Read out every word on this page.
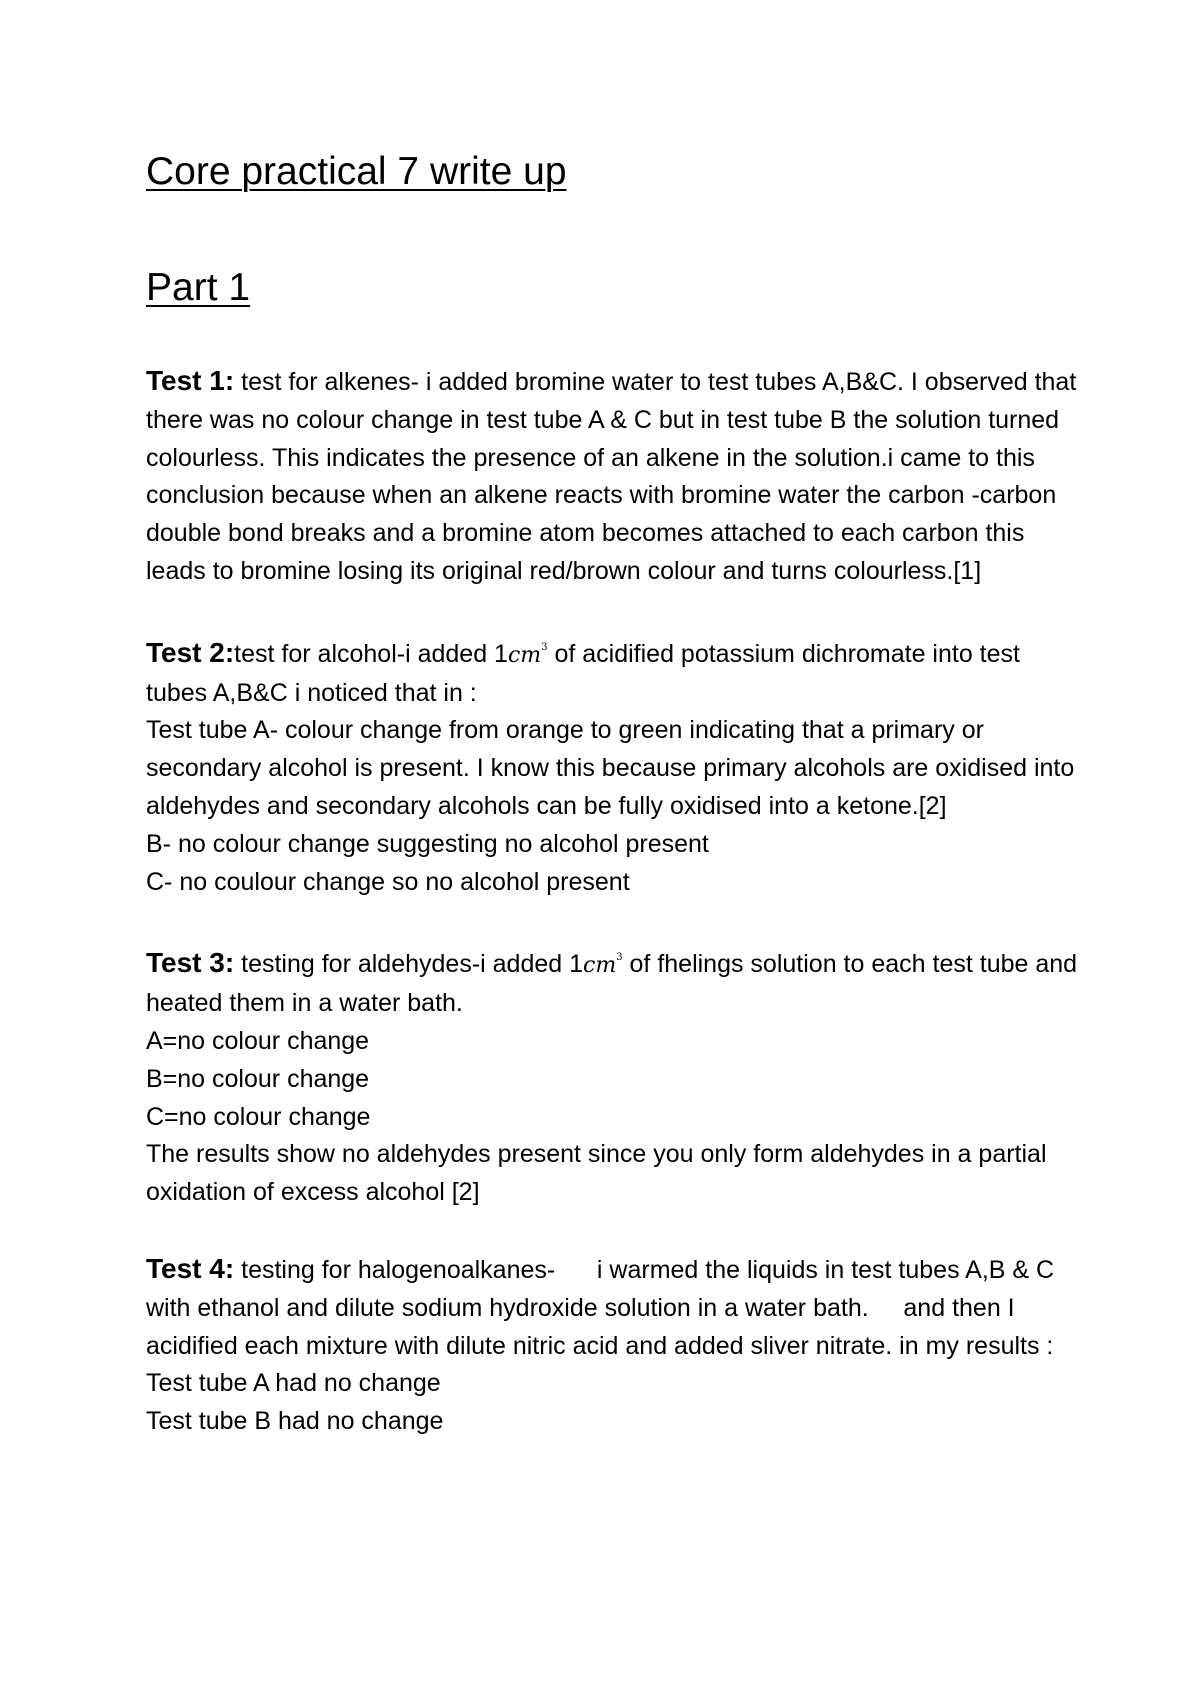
Core practical 7 write up
Part 1

Test 1: test for alkenes- i added bromine water to test tubes A,B&C. I observed that there was no colour change in test tube A & C but in test tube B the solution turned colourless. This indicates the presence of an alkene in the solution.i came to this conclusion because when an alkene reacts with bromine water the carbon -carbon double bond breaks and a bromine atom becomes attached to each carbon this leads to bromine losing its original red/brown colour and turns colourless.[1]

Test 2:test for alcohol-i added $1cm^3$ of acidified potassium dichromate into test tubes A,B&C i noticed that in :
Test tube A- colour change from orange to green indicating that a primary or secondary alcohol is present. I know this because primary alcohols are oxidised into aldehydes and secondary alcohols can be fully oxidised into a ketone.[2]
B- no colour change suggesting no alcohol present
C- no coulour change so no alcohol present
Test 3: testing for aldehydes-i added $1cm^3$ of fhelings solution to each test tube and heated them in a water bath.
A=no colour change
B=no colour change
C=no colour change
The results show no aldehydes present since you only form aldehydes in a partial oxidation of excess alcohol [2]
Test 4: testing for halogenoalkanes- i warmed the liquids in test tubes A,B & C with ethanol and dilute sodium hydroxide solution in a water bath. and then I acidified each mixture with dilute nitric acid and added sliver nitrate. in my results :
Test tube A had no change
Test tube B had no change
